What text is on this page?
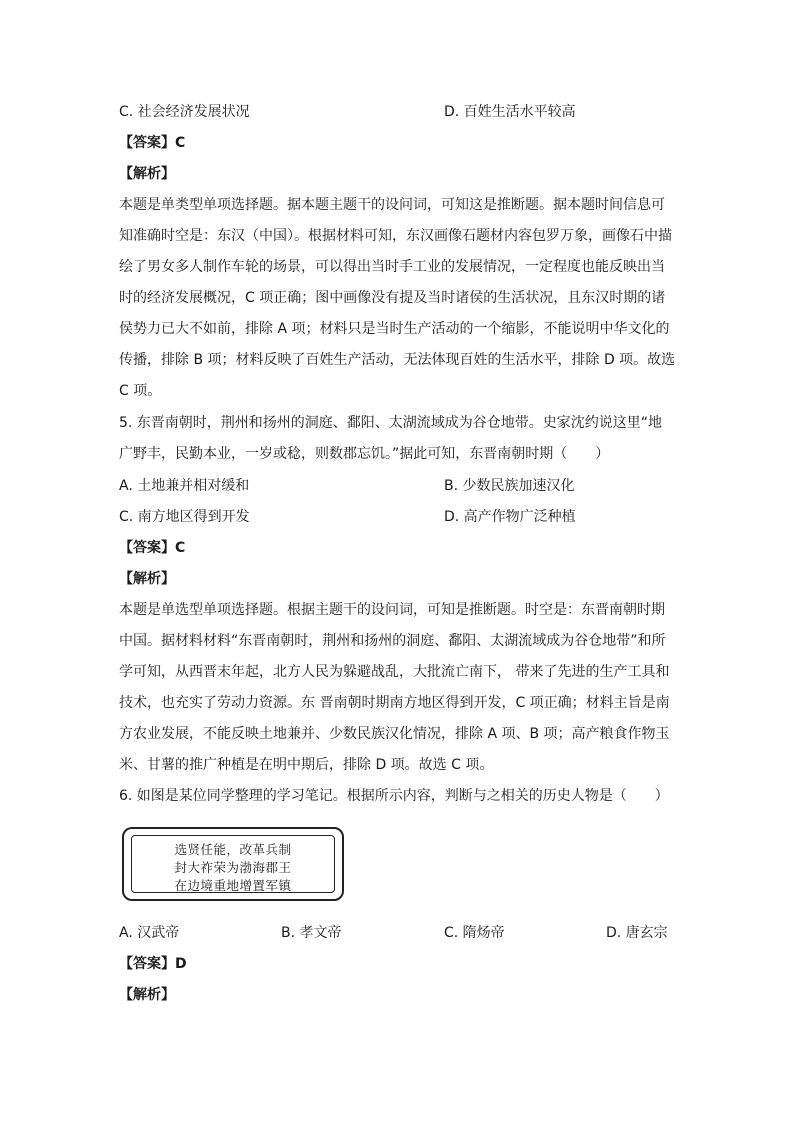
C. 社会经济发展状况	D. 百姓生活水平较高
【答案】C
【解析】
本题是单类型单项选择题。据本题主题干的设问词，可知这是推断题。据本题时间信息可
知准确时空是：东汉（中国）。根据材料可知，东汉画像石题材内容包罗万象，画像石中描
绘了男女多人制作车轮的场景，可以得出当时手工业的发展情况，一定程度也能反映出当
时的经济发展概况，C 项正确；图中画像没有提及当时诸侯的生活状况，且东汉时期的诸
侯势力已大不如前，排除 A 项；材料只是当时生产活动的一个缩影，不能说明中华文化的
传播，排除 B 项；材料反映了百姓生产活动，无法体现百姓的生活水平，排除 D 项。故选
C 项。
5. 东晋南朝时，荆州和扬州的洞庭、鄱阳、太湖流域成为谷仓地带。史家沈约说这里“地
广野丰，民勤本业，一岁或稔，则数郡忘饥。”据此可知，东晋南朝时期（　　）
A. 土地兼并相对缓和	B. 少数民族加速汉化
C. 南方地区得到开发	D. 高产作物广泛种植
【答案】C
【解析】
本题是单选型单项选择题。根据主题干的设问词，可知是推断题。时空是：东晋南朝时期
中国。据材料材料“东晋南朝时，荆州和扬州的洞庭、鄱阳、太湖流域成为谷仓地带”和所
学可知，从西晋末年起，北方人民为躲避战乱，大批流亡南下， 带来了先进的生产工具和
技术，也充实了劳动力资源。东 晋南朝时期南方地区得到开发，C 项正确；材料主旨是南
方农业发展，不能反映土地兼并、少数民族汉化情况，排除 A 项、B 项；高产粮食作物玉
米、甘薯的推广种植是在明中期后，排除 D 项。故选 C 项。
6. 如图是某位同学整理的学习笔记。根据所示内容，判断与之相关的历史人物是（　　）
选贤任能，改革兵制
封大祚荣为渤海郡王
在边境重地增置军镇
A. 汉武帝	B. 孝文帝	C. 隋炀帝	D. 唐玄宗
【答案】D
【解析】
